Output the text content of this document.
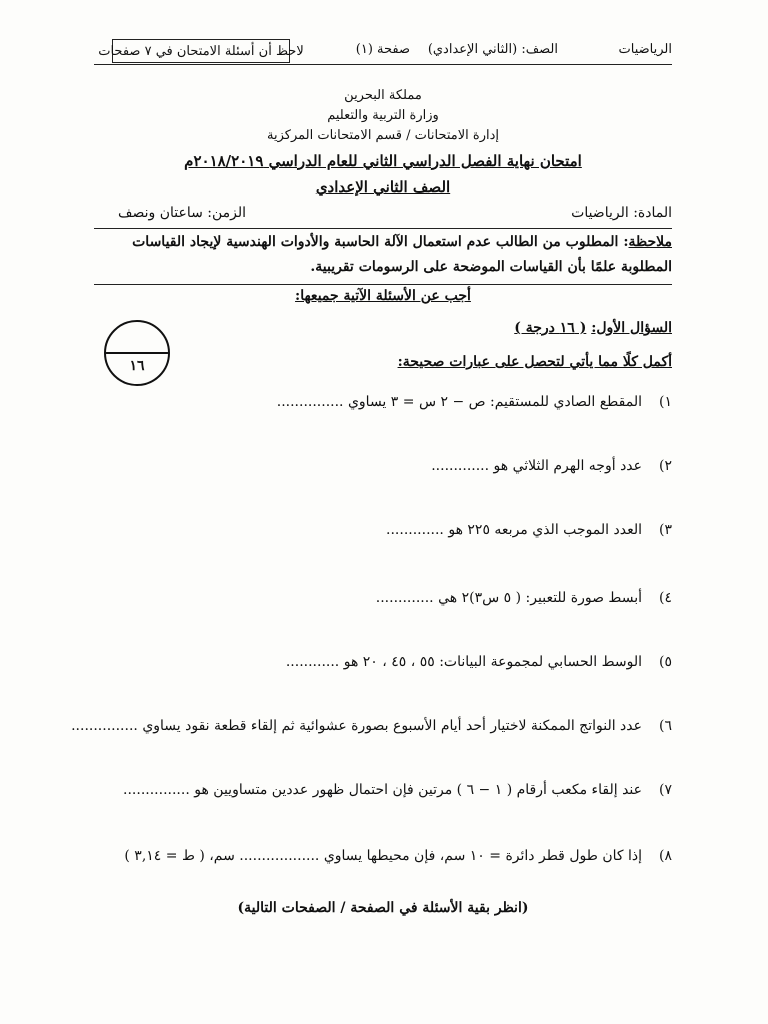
الرياضيات
الصف: (الثاني الإعدادي)
صفحة (١)
لاحظ أن أسئلة الامتحان في ٧ صفحات
مملكة البحرين
وزارة التربية والتعليم
إدارة الامتحانات / قسم الامتحانات المركزية
امتحان نهاية الفصل الدراسي الثاني للعام الدراسي ٢٠١٨/٢٠١٩م
الصف الثاني الإعدادي
المادة: الرياضيات
الزمن: ساعتان ونصف
ملاحظة: المطلوب من الطالب عدم استعمال الآلة الحاسبة والأدوات الهندسية لإيجاد القياسات
المطلوبة علمًا بأن القياسات الموضحة على الرسومات تقريبية.
أجب عن الأسئلة الآتية جميعها:
السؤال الأول: ( ١٦ درجة )
أكمل كلًا مما يأتي لتحصل على عبارات صحيحة:
١٦
١)
المقطع الصادي للمستقيم: ص − ٢ س = ٣ يساوي ...............
٢)
عدد أوجه الهرم الثلاثي هو .............
٣)
العدد الموجب الذي مربعه ٢٢٥ هو .............
٤)
أبسط صورة للتعبير: ( ٥ س٣)٢ هي .............
٥)
الوسط الحسابي لمجموعة البيانات: ٥٥ ، ٤٥ ، ٢٠ هو ............
٦)
عدد النواتج الممكنة لاختيار أحد أيام الأسبوع بصورة عشوائية ثم إلقاء قطعة نقود يساوي ...............
٧)
عند إلقاء مكعب أرقام ( ١ − ٦ ) مرتين فإن احتمال ظهور عددين متساويين هو ...............
٨)
إذا كان طول قطر دائرة = ١٠ سم، فإن محيطها يساوي .................. سم، ( ط = ٣,١٤ )
(انظر بقية الأسئلة في الصفحة / الصفحات التالية)
